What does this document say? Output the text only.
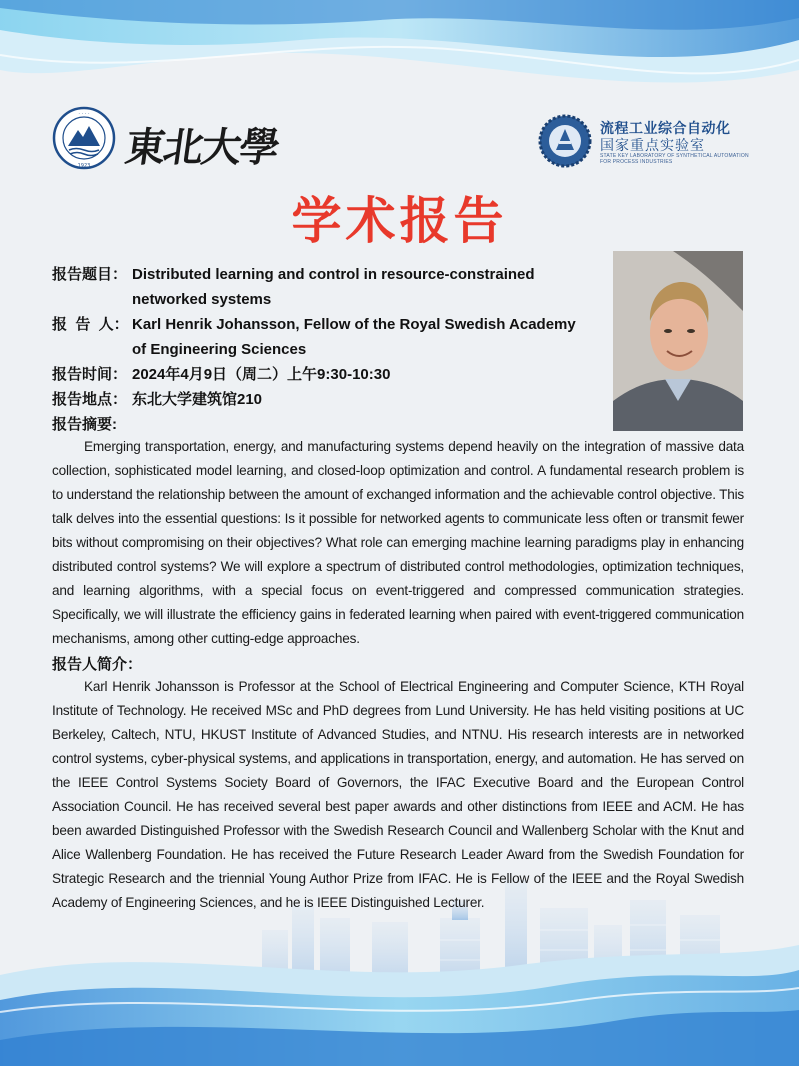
· · · ·
1923 東北大學	流程工业综合自动化
国家重点实验室
STATE KEY LABORATORY OF SYNTHETICAL AUTOMATION FOR PROCESS INDUSTRIES
学术报告
报告题目： Distributed learning and control in resource-constrained networked systems
报  告  人： Karl Henrik Johansson, Fellow of the Royal Swedish Academy of Engineering Sciences
报告时间： 2024年4月9日（周二）上午9:30-10:30
报告地点： 东北大学建筑馆210
报告摘要:
Emerging transportation, energy, and manufacturing systems depend heavily on the integration of massive data collection, sophisticated model learning, and closed-loop optimization and control. A fundamental research problem is to understand the relationship between the amount of exchanged information and the achievable control objective. This talk delves into the essential questions: Is it possible for networked agents to communicate less often or transmit fewer bits without compromising on their objectives? What role can emerging machine learning paradigms play in enhancing distributed control systems? We will explore a spectrum of distributed control methodologies, optimization techniques, and learning algorithms, with a special focus on event-triggered and compressed communication strategies. Specifically, we will illustrate the efficiency gains in federated learning when paired with event-triggered communication mechanisms, among other cutting-edge approaches.
报告人简介：
Karl Henrik Johansson is Professor at the School of Electrical Engineering and Computer Science, KTH Royal Institute of Technology. He received MSc and PhD degrees from Lund University. He has held visiting positions at UC Berkeley, Caltech, NTU, HKUST Institute of Advanced Studies, and NTNU. His research interests are in networked control systems, cyber-physical systems, and applications in transportation, energy, and automation. He has served on the IEEE Control Systems Society Board of Governors, the IFAC Executive Board and the European Control Association Council. He has received several best paper awards and other distinctions from IEEE and ACM. He has been awarded Distinguished Professor with the Swedish Research Council and Wallenberg Scholar with the Knut and Alice Wallenberg Foundation. He has received the Future Research Leader Award from the Swedish Foundation for Strategic Research and the triennial Young Author Prize from IFAC. He is Fellow of the IEEE and the Royal Swedish Academy of Engineering Sciences, and he is IEEE Distinguished Lecturer.
